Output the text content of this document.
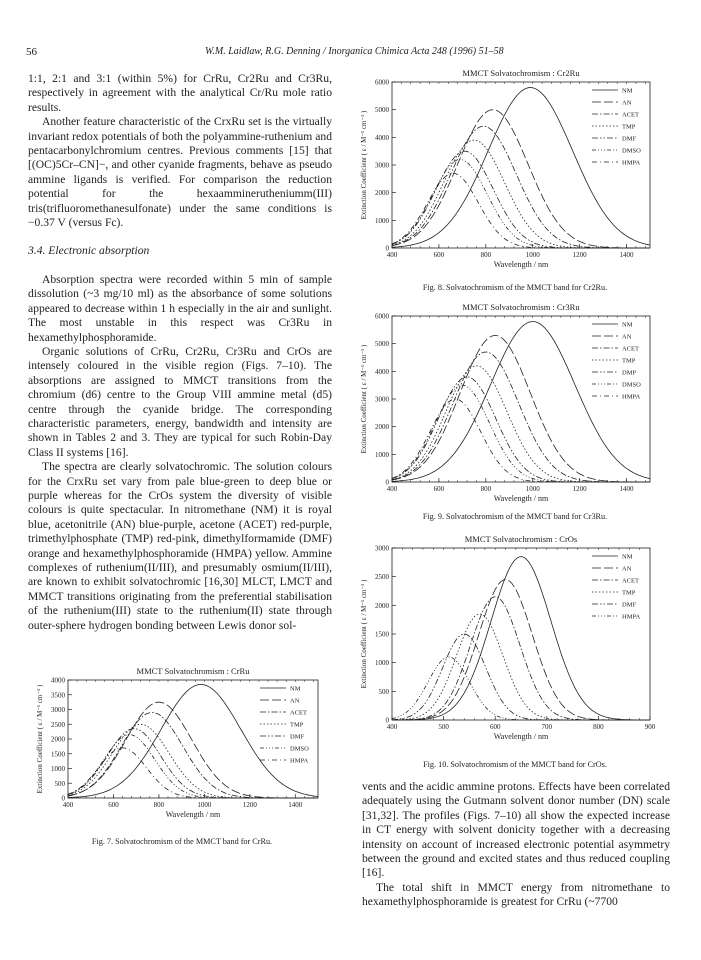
56	W.M. Laidlaw, R.G. Denning / Inorganica Chimica Acta 248 (1996) 51–58

1:1, 2:1 and 3:1 (within 5%) for CrRu, Cr2Ru and Cr3Ru, respectively in agreement with the analytical Cr/Ru mole ratio results.

Another feature characteristic of the CrxRu set is the virtually invariant redox potentials of both the polyammine-ruthenium and pentacarbonylchromium centres. Previous comments [15] that [(OC)5Cr–CN]−, and other cyanide fragments, behave as pseudo ammine ligands is verified. For comparison the reduction potential for the hexaamminerutheniumm(III) tris(trifluoromethanesulfonate) under the same conditions is −0.37 V (versus Fc).

3.4. Electronic absorption

Absorption spectra were recorded within 5 min of sample dissolution (~3 mg/10 ml) as the absorbance of some solutions appeared to decrease within 1 h especially in the air and sunlight. The most unstable in this respect was Cr3Ru in hexamethylphosphoramide.

Organic solutions of CrRu, Cr2Ru, Cr3Ru and CrOs are intensely coloured in the visible region (Figs. 7–10). The absorptions are assigned to MMCT transitions from the chromium (d6) centre to the Group VIII ammine metal (d5) centre through the cyanide bridge. The corresponding characteristic parameters, energy, bandwidth and intensity are shown in Tables 2 and 3. They are typical for such Robin-Day Class II systems [16].

The spectra are clearly solvatochromic. The solution colours for the CrxRu set vary from pale blue-green to deep blue or purple whereas for the CrOs system the diversity of visible colours is quite spectacular. In nitromethane (NM) it is royal blue, acetonitrile (AN) blue-purple, acetone (ACET) red-purple, trimethylphosphate (TMP) red-pink, dimethylformamide (DMF) orange and hexamethylphosphoramide (HMPA) yellow. Ammine complexes of ruthenium(II/III), and presumably osmium(II/III), are known to exhibit solvatochromic [16,30] MLCT, LMCT and MMCT transitions originating from the preferential stabilisation of the ruthenium(III) state to the ruthenium(II) state through outer-sphere hydrogen bonding between Lewis donor sol-

vents and the acidic ammine protons. Effects have been correlated adequately using the Gutmann solvent donor number (DN) scale [31,32]. The profiles (Figs. 7–10) all show the expected increase in CT energy with solvent donicity together with a decreasing intensity on account of increased electronic potential asymmetry between the ground and excited states and thus reduced coupling [16].

The total shift in MMCT energy from nitromethane to hexamethylphosphoramide is greatest for CrRu (~7700

MMCT Solvatochromism : CrRu
400	600	800	1000	1200	1400
0
500
1000
1500
2000
2500
3000
3500
4000
Wavelength / nm
Extinction Coefficient ( ε / M⁻¹ cm⁻¹ )	NM
AN
ACET
TMP
DMF
DMSO
HMPA
Fig. 7. Solvatochromism of the MMCT band for CrRu.
MMCT Solvatochromism : Cr2Ru
400	600	800	1000	1200	1400
0
1000
2000
3000
4000
5000
6000
Wavelength / nm
Extinction Coefficient ( ε / M⁻¹ cm⁻¹ )
NM
AN
ACET
TMP
DMF
DMSO
HMPA
Fig. 8. Solvatochromism of the MMCT band for Cr2Ru.
MMCT Solvatochromism : Cr3Ru
400	600	800	1000	1200	1400
0
1000
2000
3000
4000
5000
6000
Wavelength / nm
Extinction Coefficient ( ε / M⁻¹ cm⁻¹ )
NM
AN
ACET
TMP
DMP
DMSO
HMPA
Fig. 9. Solvatochromism of the MMCT band for Cr3Ru.
MMCT Solvatochromism : CrOs
400	500	600	700	800	900
0
500
1000
1500
2000
2500
3000
Wavelength / nm
Extinction Coefficient ( ε / M⁻¹ cm⁻¹ )
NM
AN
ACET
TMP
DMF
HMPA
Fig. 10. Solvatochromism of the MMCT band for CrOs.
